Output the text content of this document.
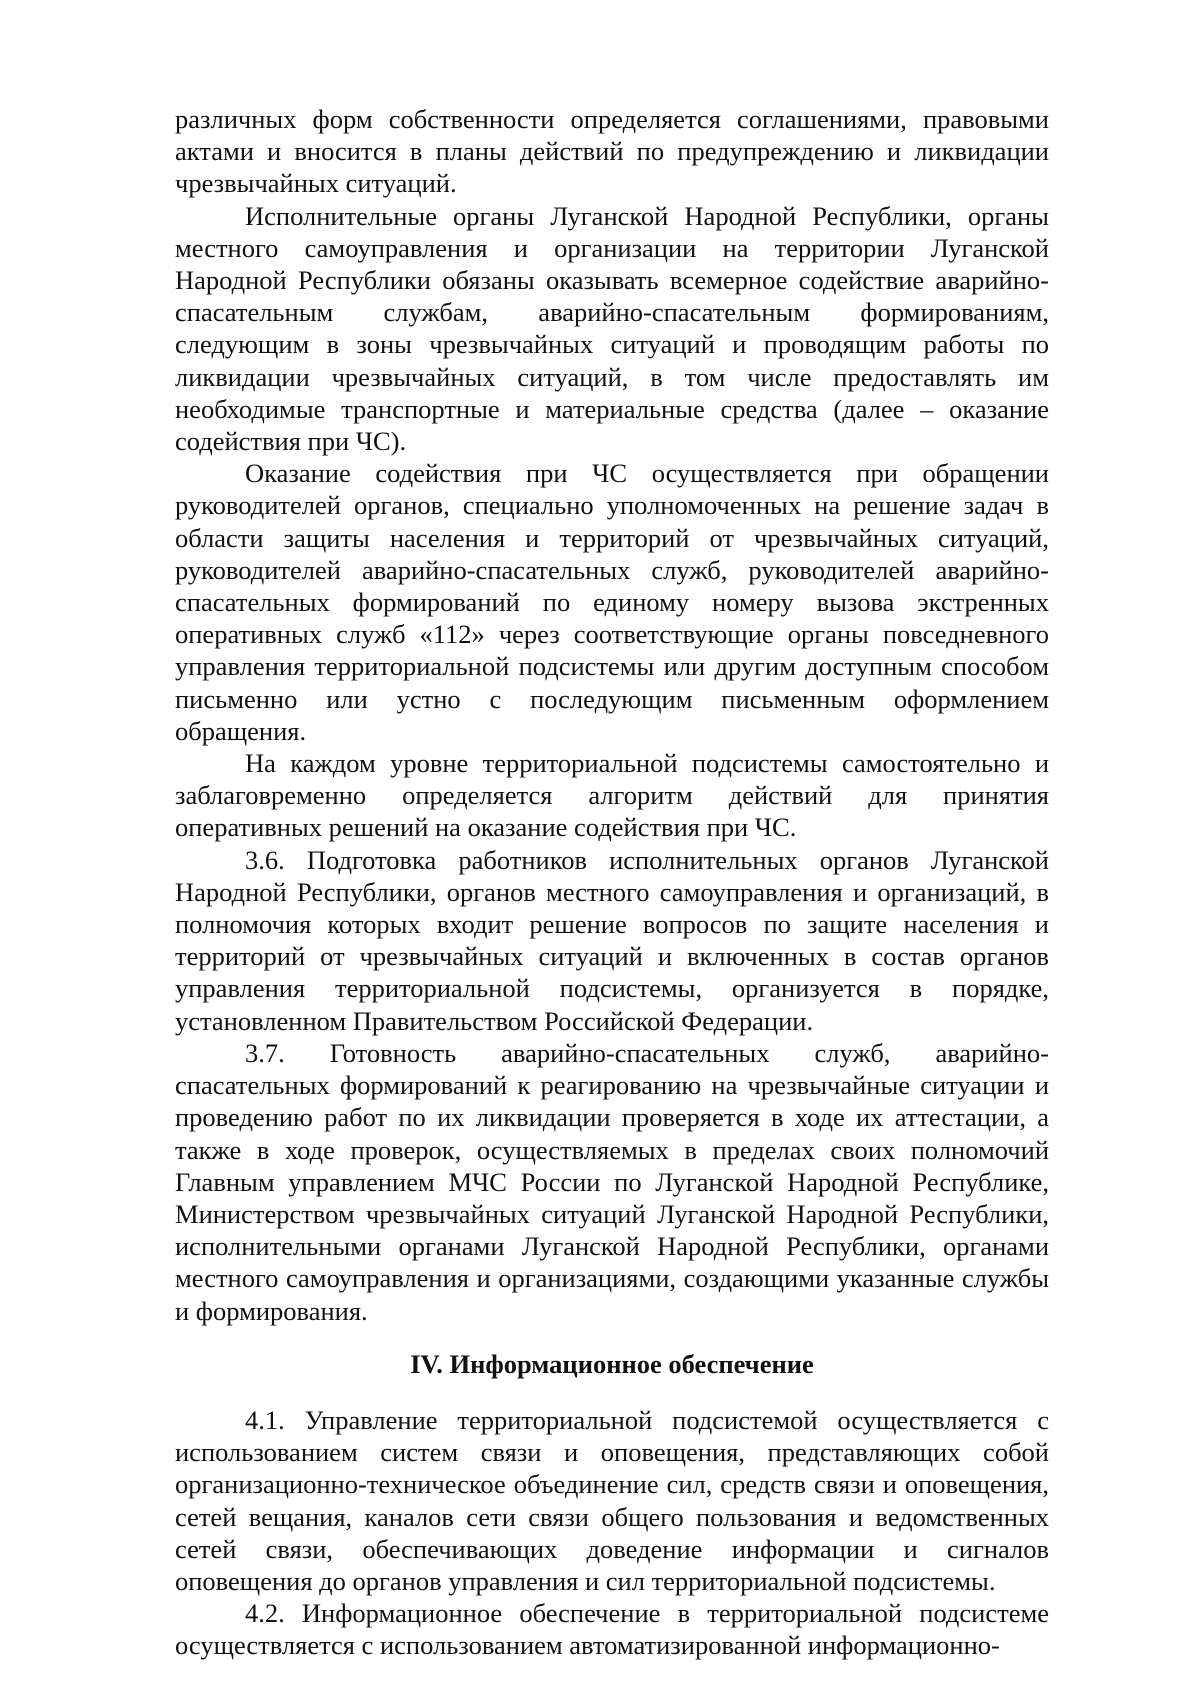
различных форм собственности определяется соглашениями, правовыми актами и вносится в планы действий по предупреждению и ликвидации чрезвычайных ситуаций.

Исполнительные органы Луганской Народной Республики, органы местного самоуправления и организации на территории Луганской Народной Республики обязаны оказывать всемерное содействие аварийно-спасательным службам, аварийно-спасательным формированиям, следующим в зоны чрезвычайных ситуаций и проводящим работы по ликвидации чрезвычайных ситуаций, в том числе предоставлять им необходимые транспортные и материальные средства (далее – оказание содействия при ЧС).

Оказание содействия при ЧС осуществляется при обращении руководителей органов, специально уполномоченных на решение задач в области защиты населения и территорий от чрезвычайных ситуаций, руководителей аварийно-спасательных служб, руководителей аварийно-спасательных формирований по единому номеру вызова экстренных оперативных служб «112» через соответствующие органы повседневного управления территориальной подсистемы или другим доступным способом письменно или устно с последующим письменным оформлением обращения.

На каждом уровне территориальной подсистемы самостоятельно и заблаговременно определяется алгоритм действий для принятия оперативных решений на оказание содействия при ЧС.

3.6. Подготовка работников исполнительных органов Луганской Народной Республики, органов местного самоуправления и организаций, в полномочия которых входит решение вопросов по защите населения и территорий от чрезвычайных ситуаций и включенных в состав органов управления территориальной подсистемы, организуется в порядке, установленном Правительством Российской Федерации.

3.7. Готовность аварийно-спасательных служб, аварийно-спасательных формирований к реагированию на чрезвычайные ситуации и проведению работ по их ликвидации проверяется в ходе их аттестации, а также в ходе проверок, осуществляемых в пределах своих полномочий Главным управлением МЧС России по Луганской Народной Республике, Министерством чрезвычайных ситуаций Луганской Народной Республики, исполнительными органами Луганской Народной Республики, органами местного самоуправления и организациями, создающими указанные службы и формирования.

IV. Информационное обеспечение

4.1. Управление территориальной подсистемой осуществляется с использованием систем связи и оповещения, представляющих собой организационно-техническое объединение сил, средств связи и оповещения, сетей вещания, каналов сети связи общего пользования и ведомственных сетей связи, обеспечивающих доведение информации и сигналов оповещения до органов управления и сил территориальной подсистемы.

4.2. Информационное обеспечение в территориальной подсистеме осуществляется с использованием автоматизированной информационно-
